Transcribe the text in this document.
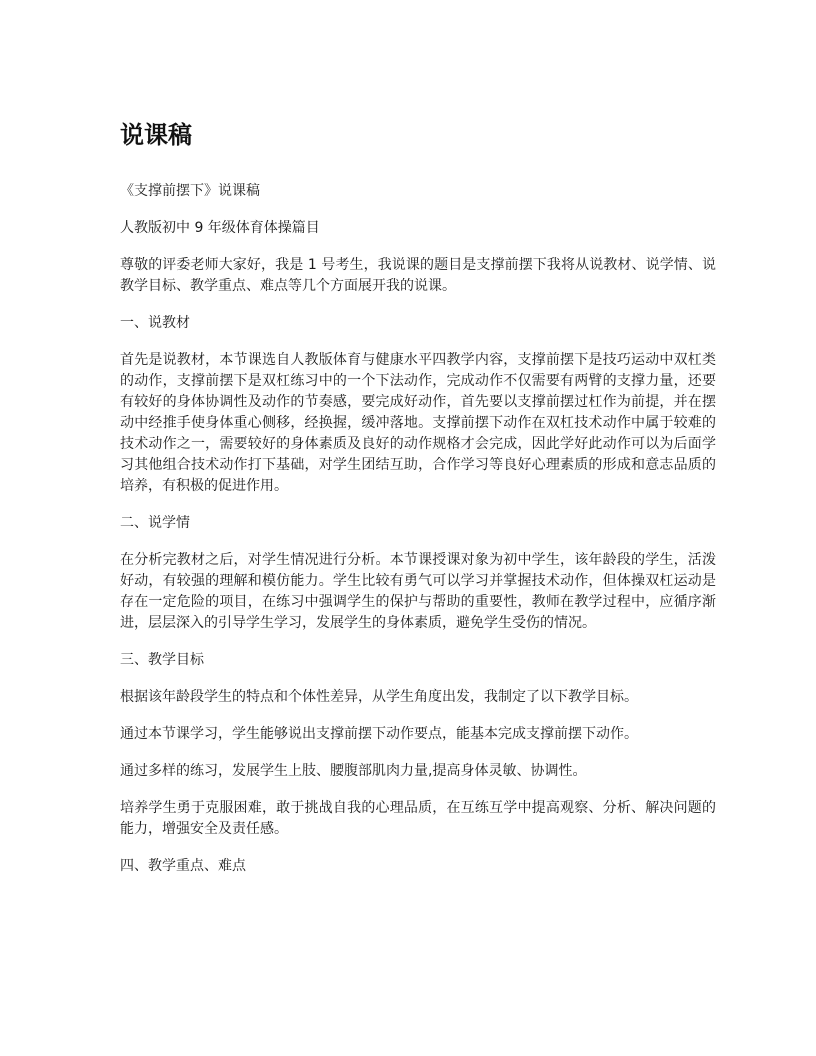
说课稿

《支撑前摆下》说课稿

人教版初中 9 年级体育体操篇目

尊敬的评委老师大家好，我是 1 号考生，我说课的题目是支撑前摆下我将从说教材、说学情、说教学目标、教学重点、难点等几个方面展开我的说课。

一、说教材

首先是说教材，本节课选自人教版体育与健康水平四教学内容，支撑前摆下是技巧运动中双杠类的动作，支撑前摆下是双杠练习中的一个下法动作，完成动作不仅需要有两臂的支撑力量，还要有较好的身体协调性及动作的节奏感，要完成好动作，首先要以支撑前摆过杠作为前提，并在摆动中经推手使身体重心侧移，经换握，缓冲落地。支撑前摆下动作在双杠技术动作中属于较难的技术动作之一，需要较好的身体素质及良好的动作规格才会完成，因此学好此动作可以为后面学习其他组合技术动作打下基础，对学生团结互助，合作学习等良好心理素质的形成和意志品质的培养，有积极的促进作用。

二、说学情

在分析完教材之后，对学生情况进行分析。本节课授课对象为初中学生，该年龄段的学生，活泼好动，有较强的理解和模仿能力。学生比较有勇气可以学习并掌握技术动作，但体操双杠运动是存在一定危险的项目，在练习中强调学生的保护与帮助的重要性，教师在教学过程中，应循序渐进，层层深入的引导学生学习，发展学生的身体素质，避免学生受伤的情况。

三、教学目标

根据该年龄段学生的特点和个体性差异，从学生角度出发，我制定了以下教学目标。

通过本节课学习，学生能够说出支撑前摆下动作要点，能基本完成支撑前摆下动作。

通过多样的练习，发展学生上肢、腰腹部肌肉力量,提高身体灵敏、协调性。

培养学生勇于克服困难，敢于挑战自我的心理品质，在互练互学中提高观察、分析、解决问题的能力，增强安全及责任感。

四、教学重点、难点
